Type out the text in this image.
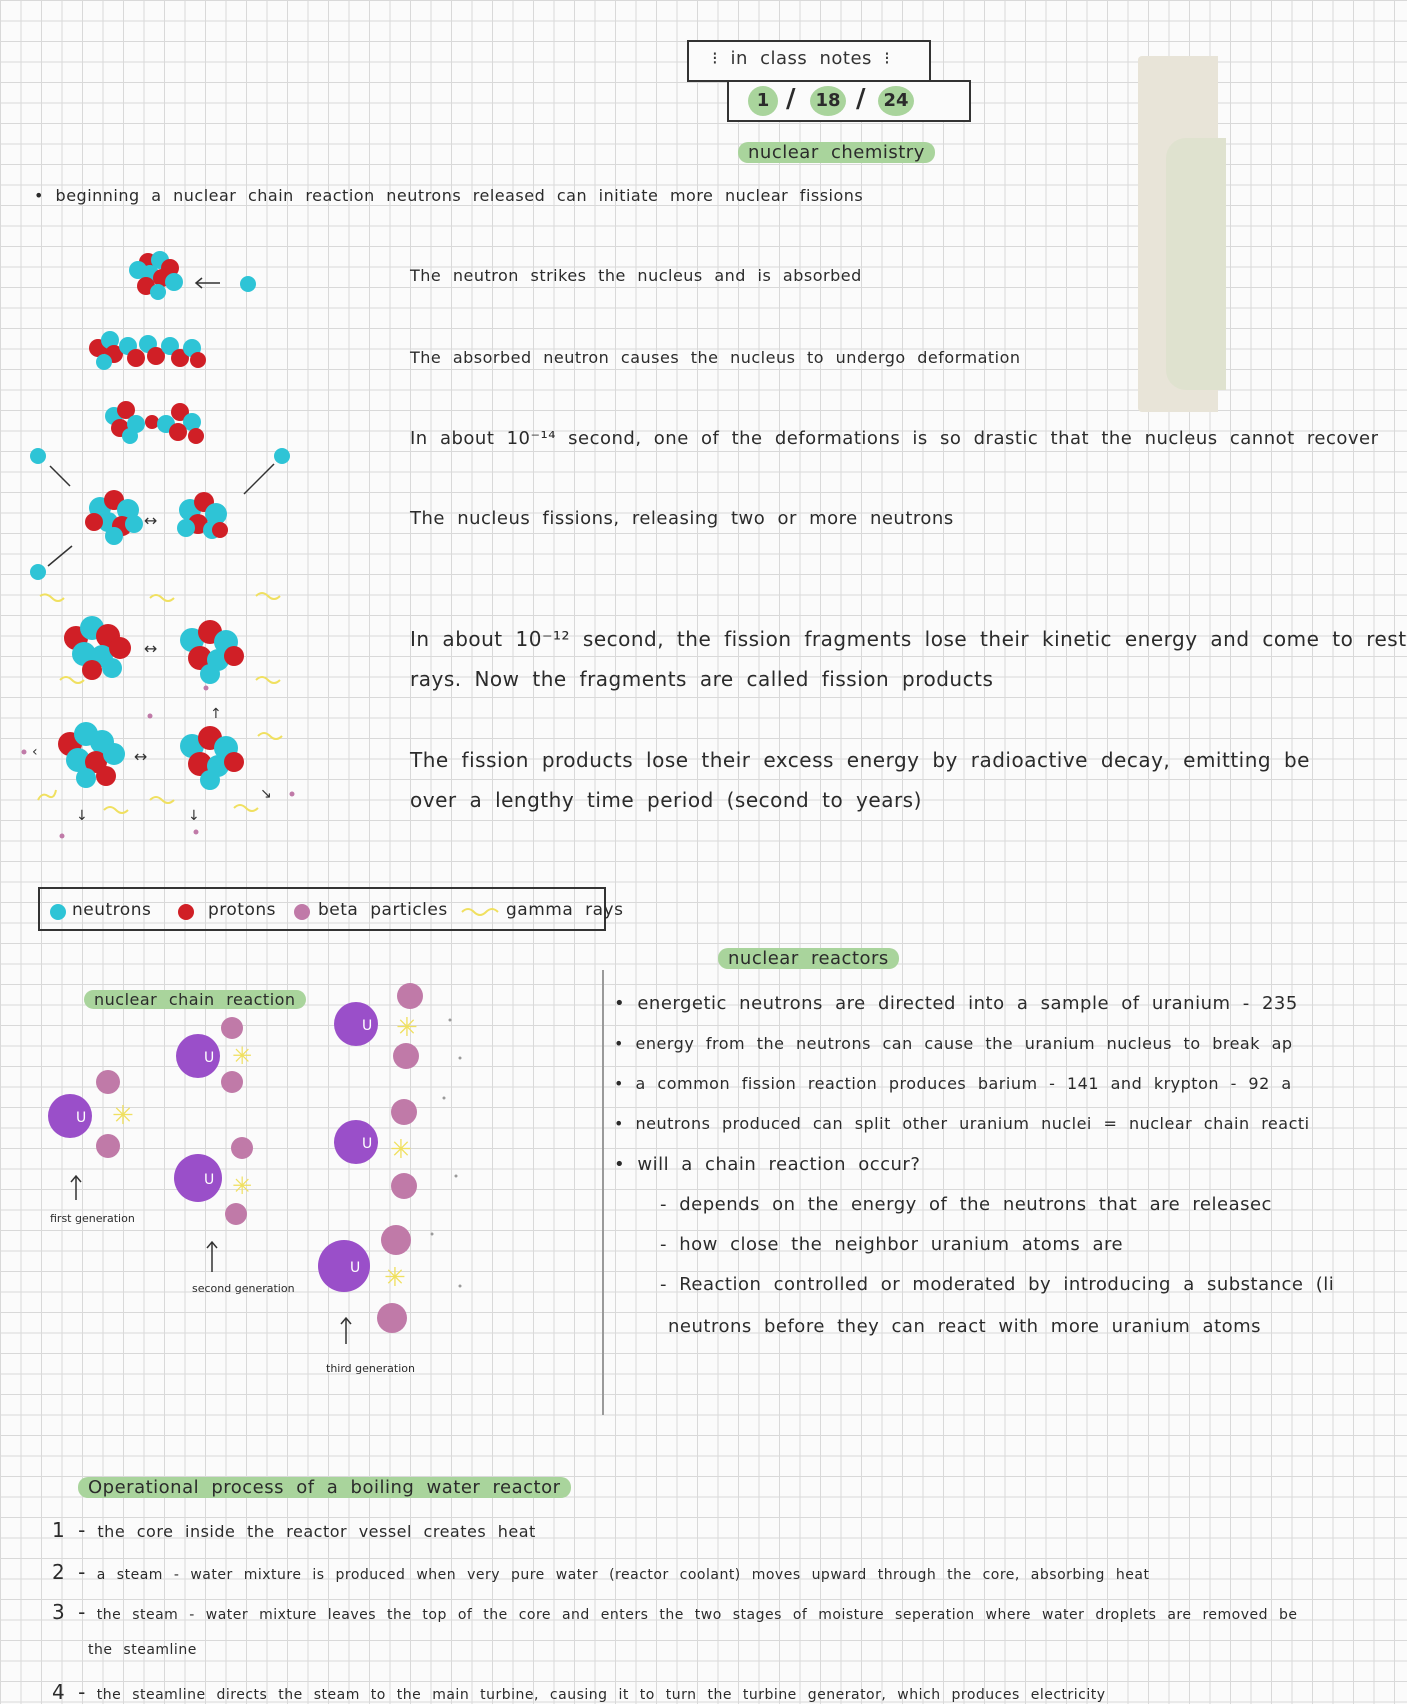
⁝ in class notes ⁝
1 /	18 / 24
nuclear chemistry
• beginning a nuclear chain reaction neutrons released can initiate more nuclear fissions
↔
↔
↔
↑
↘
↓	↓
‹
The neutron strikes the nucleus and is absorbed
The absorbed neutron causes the nucleus to undergo deformation
In about 10⁻¹⁴ second, one of the deformations is so drastic that the nucleus cannot recover
The nucleus fissions, releasing two or more neutrons
In about 10⁻¹² second, the fission fragments lose their kinetic energy and come to rest
rays. Now the fragments are called fission products
The fission products lose their excess energy by radioactive decay, emitting be
over a lengthy time period (second to years)
neutrons	protons beta particles	gamma rays
nuclear chain reaction
U ✳
U ✳
U ✳
U
U
U
✳
✳
✳
first generation
second generation
third generation
nuclear reactors
• energetic neutrons are directed into a sample of uranium - 235
• energy from the neutrons can cause the uranium nucleus to break ap
• a common fission reaction produces barium - 141 and krypton - 92 a
• neutrons produced can split other uranium nuclei = nuclear chain reacti
• will a chain reaction occur?
- depends on the energy of the neutrons that are releasec
- how close the neighbor uranium atoms are
- Reaction controlled or moderated by introducing a substance (li
neutrons before they can react with more uranium atoms
Operational process of a boiling water reactor
1 - the core inside the reactor vessel creates heat
2 - a steam - water mixture is produced when very pure water (reactor coolant) moves upward through the core, absorbing heat
3 - the steam - water mixture leaves the top of the core and enters the two stages of moisture seperation where water droplets are removed be
the steamline
4 - the steamline directs the steam to the main turbine, causing it to turn the turbine generator, which produces electricity
